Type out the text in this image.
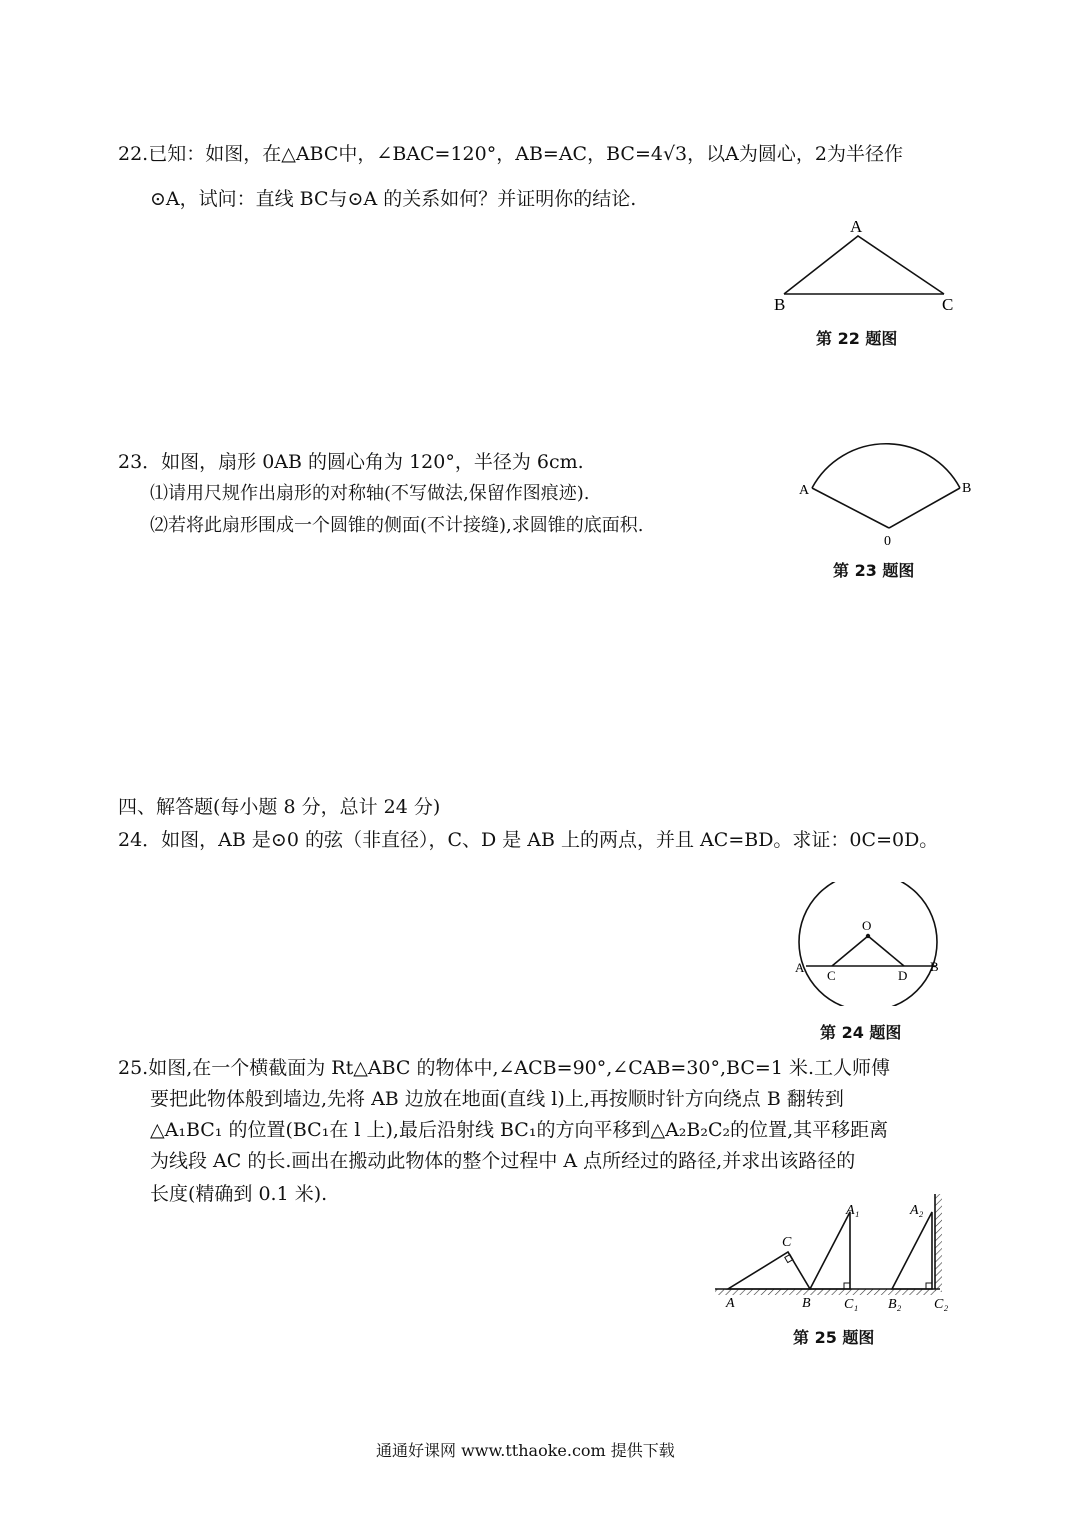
22.已知：如图，在△ABC中，∠BAC=120°，AB=AC，BC=4√3，以A为圆心，2为半径作
⊙A，试问：直线 BC与⊙A 的关系如何？并证明你的结论.
A
B	C
第 22 题图
23．如图，扇形 0AB 的圆心角为 120°，半径为 6cm.
⑴请用尺规作出扇形的对称轴(不写做法,保留作图痕迹).
⑵若将此扇形围成一个圆锥的侧面(不计接缝),求圆锥的底面积.
A	B
0
第 23 题图
四、解答题(每小题 8 分，总计 24 分)
24．如图，AB 是⊙0 的弦（非直径），C、D 是 AB 上的两点，并且 AC=BD。求证：0C=0D。
O
A	B
C	D
第 24 题图
25.如图,在一个横截面为 Rt△ABC 的物体中,∠ACB=90°,∠CAB=30°,BC=1 米.工人师傅
要把此物体般到墙边,先将 AB 边放在地面(直线 l)上,再按顺时针方向绕点 B 翻转到
△A₁BC₁ 的位置(BC₁在 l 上),最后沿射线 BC₁的方向平移到△A₂B₂C₂的位置,其平移距离
为线段 AC 的长.画出在搬动此物体的整个过程中 A 点所经过的路径,并求出该路径的
长度(精确到 0.1 米).
A	B
C
A₁
C₁
A₂
B₂ C₂
第 25 题图
通通好课网 www.tthaoke.com 提供下载
